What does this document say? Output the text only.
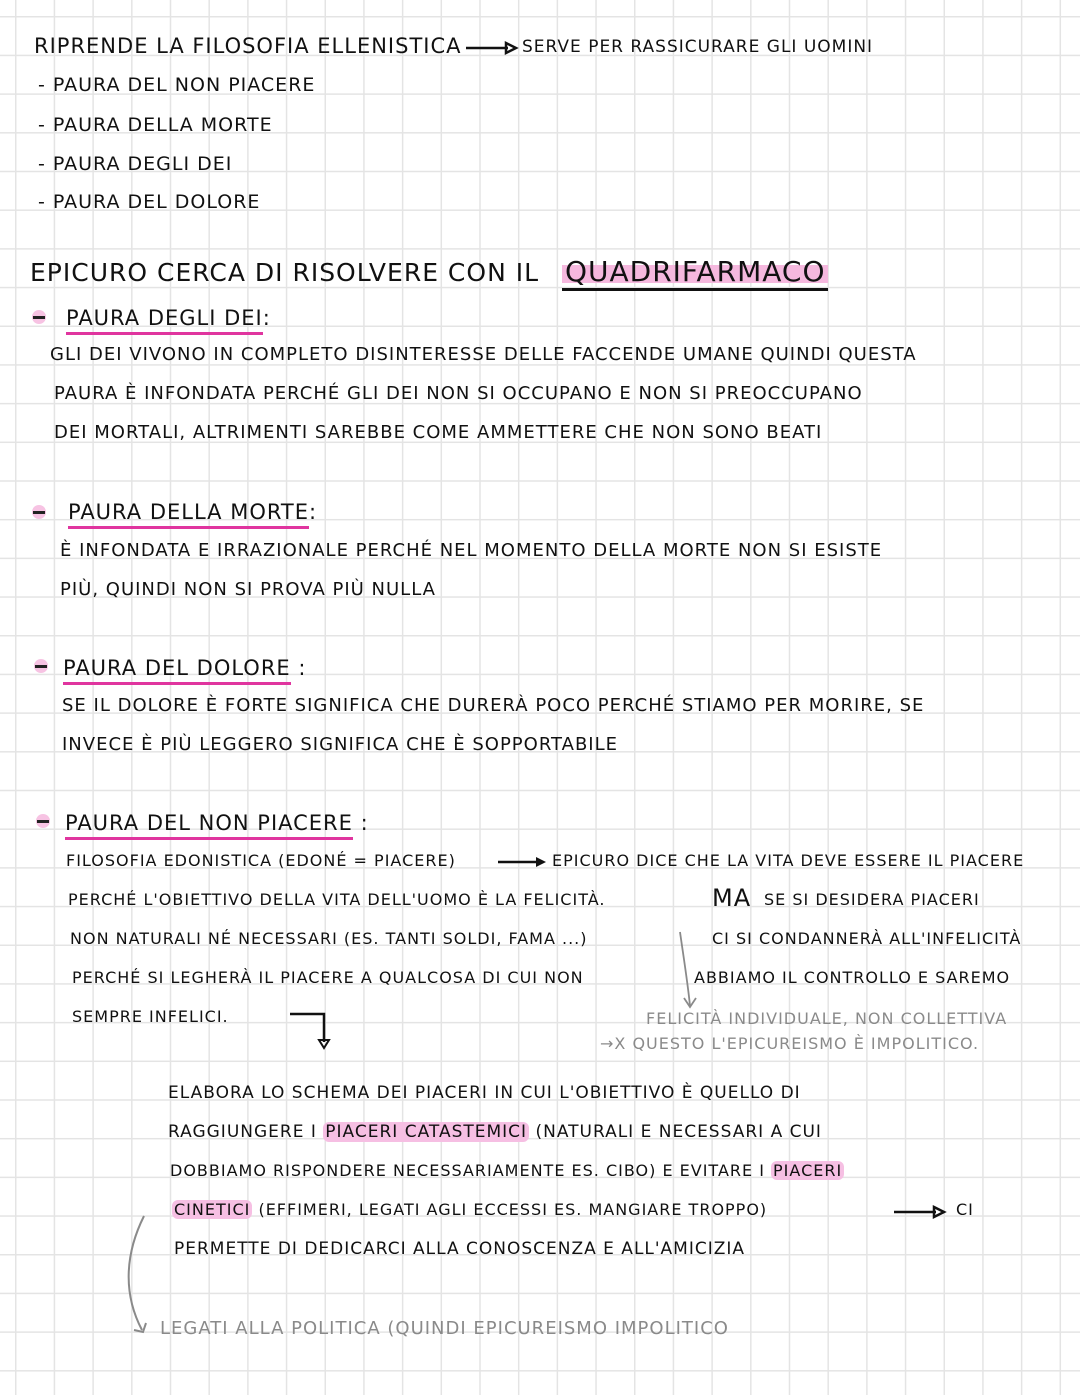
RIPRENDE LA FILOSOFIA ELLENISTICA	SERVE PER RASSICURARE GLI UOMINI
- PAURA DEL NON PIACERE
- PAURA DELLA MORTE
- PAURA DEGLI DEI
- PAURA DEL DOLORE
EPICURO CERCA DI RISOLVERE CON IL QUADRIFARMACO
PAURA DEGLI DEI:
GLI DEI VIVONO IN COMPLETO DISINTERESSE DELLE FACCENDE UMANE QUINDI QUESTA
PAURA È INFONDATA PERCHÉ GLI DEI NON SI OCCUPANO E NON SI PREOCCUPANO
DEI MORTALI, ALTRIMENTI SAREBBE COME AMMETTERE CHE NON SONO BEATI
PAURA DELLA MORTE:
È INFONDATA E IRRAZIONALE PERCHÉ NEL MOMENTO DELLA MORTE NON SI ESISTE
PIÙ, QUINDI NON SI PROVA PIÙ NULLA
PAURA DEL DOLORE :
SE IL DOLORE È FORTE SIGNIFICA CHE DURERÀ POCO PERCHÉ STIAMO PER MORIRE, SE
INVECE È PIÙ LEGGERO SIGNIFICA CHE È SOPPORTABILE
PAURA DEL NON PIACERE :
FILOSOFIA EDONISTICA (EDONÉ = PIACERE)	EPICURO DICE CHE LA VITA DEVE ESSERE IL PIACERE
PERCHÉ L'OBIETTIVO DELLA VITA DELL'UOMO È LA FELICITÀ.	MA SE SI DESIDERA PIACERI
NON NATURALI NÉ NECESSARI (ES. TANTI SOLDI, FAMA ...)	CI SI CONDANNERÀ ALL'INFELICITÀ
PERCHÉ SI LEGHERÀ IL PIACERE A QUALCOSA DI CUI NON	ABBIAMO IL CONTROLLO E SAREMO
SEMPRE INFELICI.	FELICITÀ INDIVIDUALE, NON COLLETTIVA
→X QUESTO L'EPICUREISMO È IMPOLITICO.
ELABORA LO SCHEMA DEI PIACERI IN CUI L'OBIETTIVO È QUELLO DI
RAGGIUNGERE I PIACERI CATASTEMICI (NATURALI E NECESSARI A CUI
DOBBIAMO RISPONDERE NECESSARIAMENTE ES. CIBO) E EVITARE I PIACERI
CINETICI (EFFIMERI, LEGATI AGLI ECCESSI ES. MANGIARE TROPPO)	CI
PERMETTE DI DEDICARCI ALLA CONOSCENZA E ALL'AMICIZIA
LEGATI ALLA POLITICA (QUINDI EPICUREISMO IMPOLITICO
